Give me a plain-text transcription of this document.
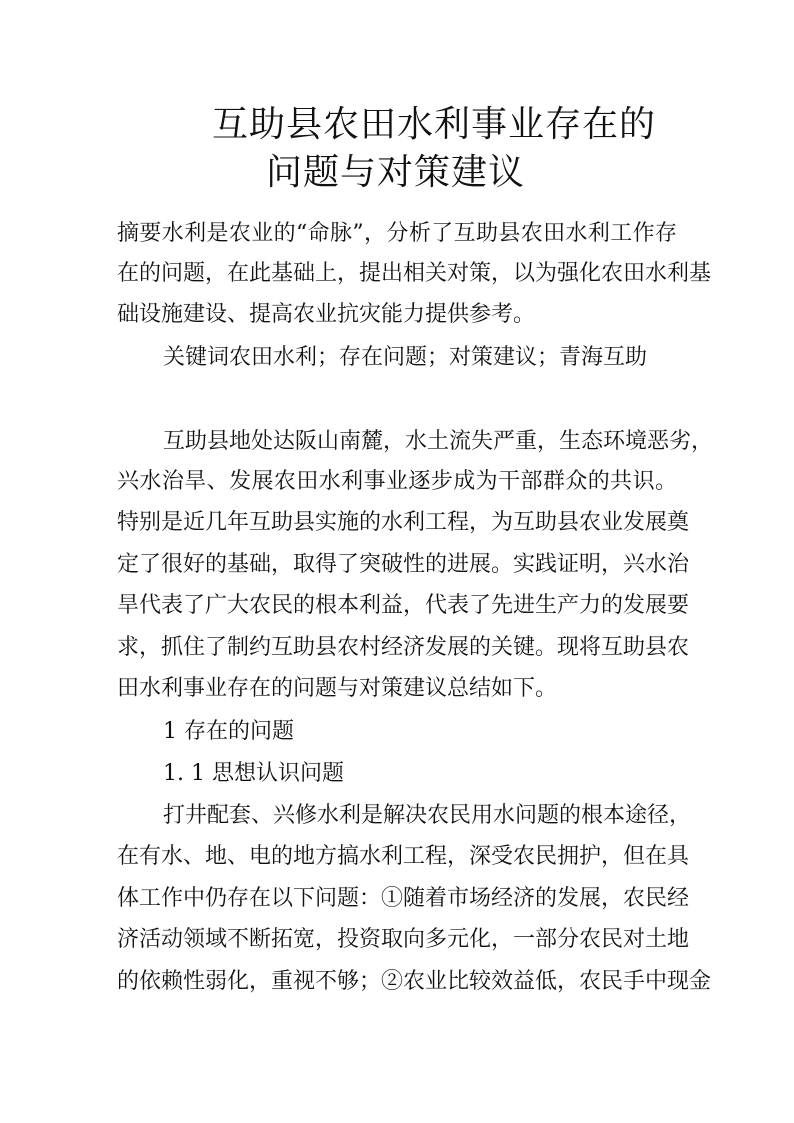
互助县农田水利事业存在的
问题与对策建议
摘要水利是农业的“命脉”，分析了互助县农田水利工作存
在的问题，在此基础上，提出相关对策，以为强化农田水利基
础设施建设、提高农业抗灾能力提供参考。
关键词农田水利；存在问题；对策建议；青海互助
互助县地处达阪山南麓，水土流失严重，生态环境恶劣，
兴水治旱、发展农田水利事业逐步成为干部群众的共识。
特别是近几年互助县实施的水利工程，为互助县农业发展奠
定了很好的基础，取得了突破性的进展。实践证明，兴水治
旱代表了广大农民的根本利益，代表了先进生产力的发展要
求，抓住了制约互助县农村经济发展的关键。现将互助县农
田水利事业存在的问题与对策建议总结如下。
1 存在的问题
1. 1 思想认识问题
打井配套、兴修水利是解决农民用水问题的根本途径，
在有水、地、电的地方搞水利工程，深受农民拥护，但在具
体工作中仍存在以下问题：①随着市场经济的发展，农民经
济活动领域不断拓宽，投资取向多元化，一部分农民对土地
的依赖性弱化，重视不够；②农业比较效益低，农民手中现金
